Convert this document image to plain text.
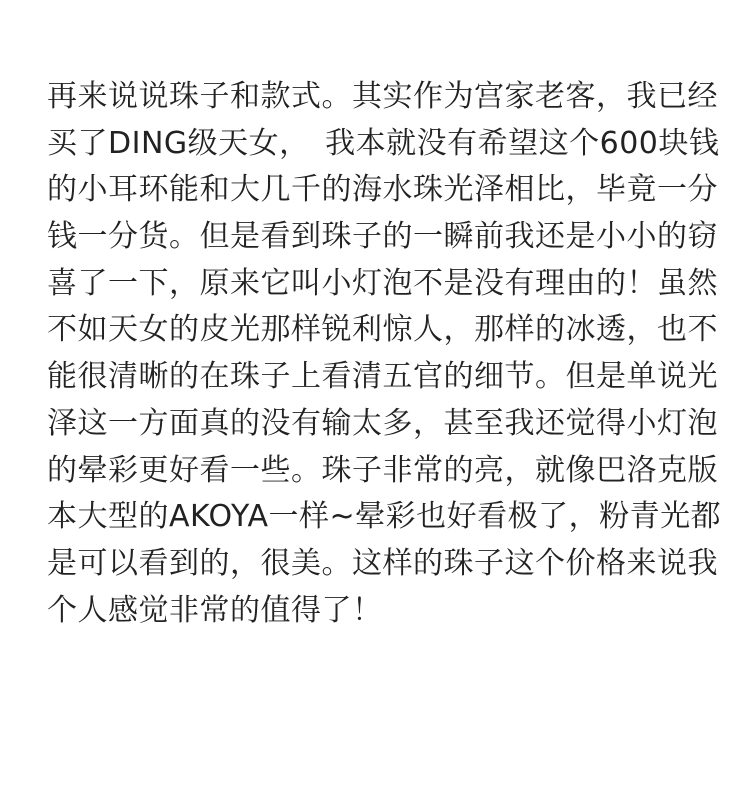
再来说说珠子和款式。其实作为宫家老客，我已经
买了DING级天女，　我本就没有希望这个600块钱
的小耳环能和大几千的海水珠光泽相比，毕竟一分
钱一分货。但是看到珠子的一瞬前我还是小小的窃
喜了一下，原来它叫小灯泡不是没有理由的！虽然
不如天女的皮光那样锐利惊人，那样的冰透，也不
能很清晰的在珠子上看清五官的细节。但是单说光
泽这一方面真的没有输太多，甚至我还觉得小灯泡
的晕彩更好看一些。珠子非常的亮，就像巴洛克版
本大型的AKOYA一样~晕彩也好看极了，粉青光都
是可以看到的，很美。这样的珠子这个价格来说我
个人感觉非常的值得了！
